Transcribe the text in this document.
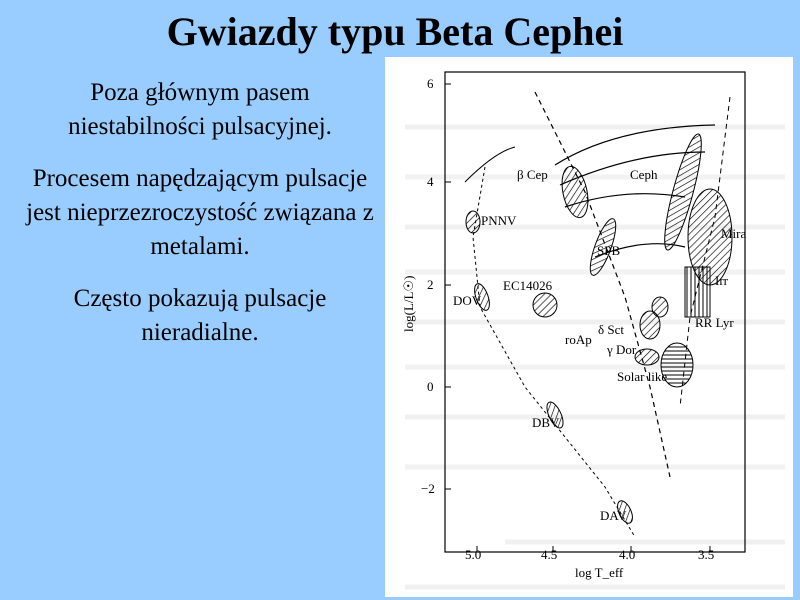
Gwiazdy typu Beta Cephei

Poza głównym pasem niestabilności pulsacyjnej.

Procesem napędzającym pulsacje jest nieprzezroczystość związana z metalami.

Często pokazują pulsacje nieradialne.

6
4
2
0
−2
log(L/L☉)
5.0	4.5	4.0	3.5
log T_eff
β Cep	Ceph
PNNV
Mira
SPB
Irr
EC14026
DOV
RR Lyr
δ Sct
roAp
γ Dor
Solar like
DBV
DAV
